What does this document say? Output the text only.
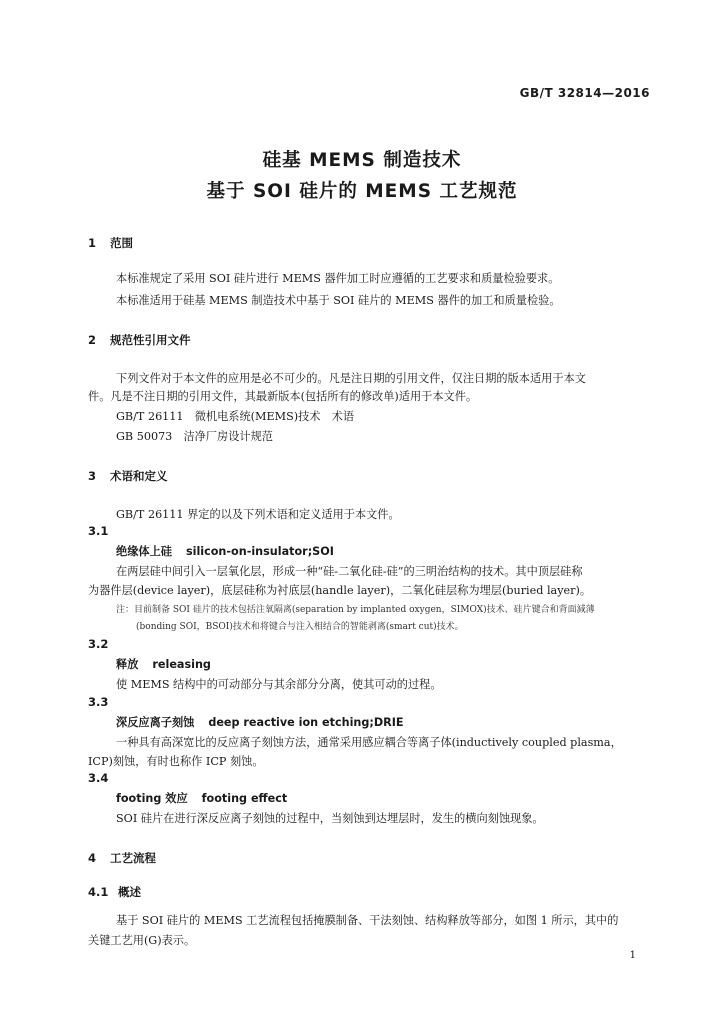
GB/T 32814—2016
硅基 MEMS 制造技术
基于 SOI 硅片的 MEMS 工艺规范
1 范围
本标准规定了采用 SOI 硅片进行 MEMS 器件加工时应遵循的工艺要求和质量检验要求。
本标准适用于硅基 MEMS 制造技术中基于 SOI 硅片的 MEMS 器件的加工和质量检验。
2 规范性引用文件
下列文件对于本文件的应用是必不可少的。凡是注日期的引用文件，仅注日期的版本适用于本文
件。凡是不注日期的引用文件，其最新版本(包括所有的修改单)适用于本文件。
GB/T 26111　微机电系统(MEMS)技术　术语
GB 50073　洁净厂房设计规范
3 术语和定义
GB/T 26111 界定的以及下列术语和定义适用于本文件。
3.1
绝缘体上硅 silicon-on-insulator;SOI
在两层硅中间引入一层氧化层，形成一种“硅-二氧化硅-硅”的三明治结构的技术。其中顶层硅称
为器件层(device layer)，底层硅称为衬底层(handle layer)，二氧化硅层称为埋层(buried layer)。
注：目前制备 SOI 硅片的技术包括注氧隔离(separation by implanted oxygen，SIMOX)技术、硅片键合和背面減薄
(bonding SOI，BSOI)技术和将键合与注入相结合的智能剥离(smart cut)技术。
3.2
释放 releasing
使 MEMS 结构中的可动部分与其余部分分离，使其可动的过程。
3.3
深反应离子刻蚀 deep reactive ion etching;DRIE
一种具有高深宽比的反应离子刻蚀方法，通常采用感应耦合等离子体(inductively coupled plasma，
ICP)刻蚀，有时也称作 ICP 刻蚀。
3.4
footing 效应 footing effect
SOI 硅片在进行深反应离子刻蚀的过程中，当刻蚀到达埋层时，发生的横向刻蚀现象。
4 工艺流程
4.1 概述
基于 SOI 硅片的 MEMS 工艺流程包括掩膜制备、干法刻蚀、结构释放等部分，如图 1 所示，其中的
关键工艺用(G)表示。
1
